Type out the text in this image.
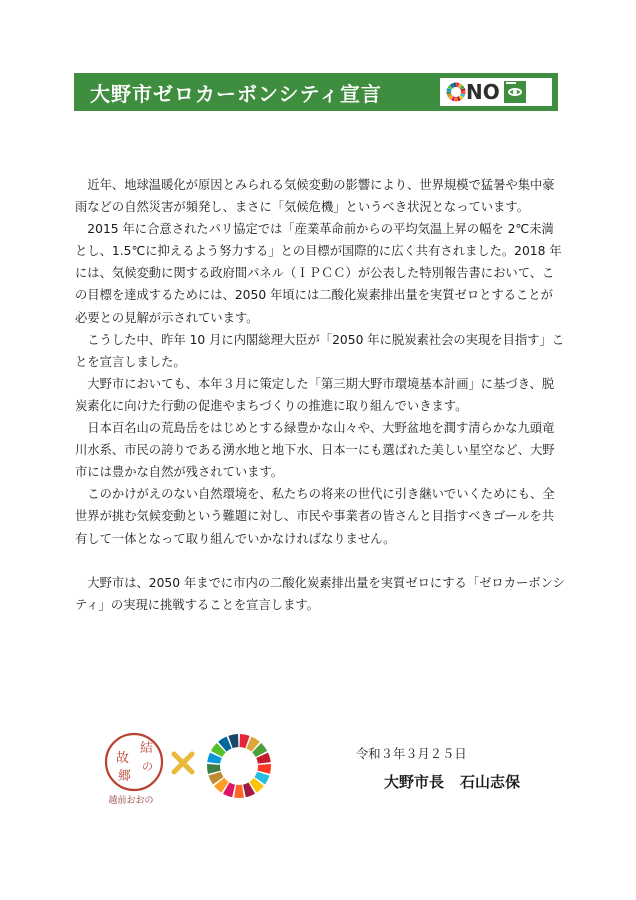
大野市ゼロカーボンシティ宣言	NO

近年、地球温暖化が原因とみられる気候変動の影響により、世界規模で猛暑や集中豪雨などの自然災害が頻発し、まさに「気候危機」というべき状況となっています。

2015 年に合意されたパリ協定では「産業革命前からの平均気温上昇の幅を 2℃未満とし、1.5℃に抑えるよう努力する」との目標が国際的に広く共有されました。2018 年には、気候変動に関する政府間パネル（ＩＰＣＣ）が公表した特別報告書において、この目標を達成するためには、2050 年頃には二酸化炭素排出量を実質ゼロとすることが必要との見解が示されています。

こうした中、昨年 10 月に内閣総理大臣が「2050 年に脱炭素社会の実現を目指す」ことを宣言しました。

大野市においても、本年３月に策定した「第三期大野市環境基本計画」に基づき、脱炭素化に向けた行動の促進やまちづくりの推進に取り組んでいきます。

日本百名山の荒島岳をはじめとする緑豊かな山々や、大野盆地を潤す清らかな九頭竜川水系、市民の誇りである湧水地と地下水、日本一にも選ばれた美しい星空など、大野市には豊かな自然が残されています。

このかけがえのない自然環境を、私たちの将来の世代に引き継いでいくためにも、全世界が挑む気候変動という難題に対し、市民や事業者の皆さんと目指すべきゴールを共有して一体となって取り組んでいかなければなりません。

大野市は、2050 年までに市内の二酸化炭素排出量を実質ゼロにする「ゼロカーボンシティ」の実現に挑戦することを宣言します。

結
の
故
郷
越前おおの
令和３年３月２５日
大野市長 石山志保
